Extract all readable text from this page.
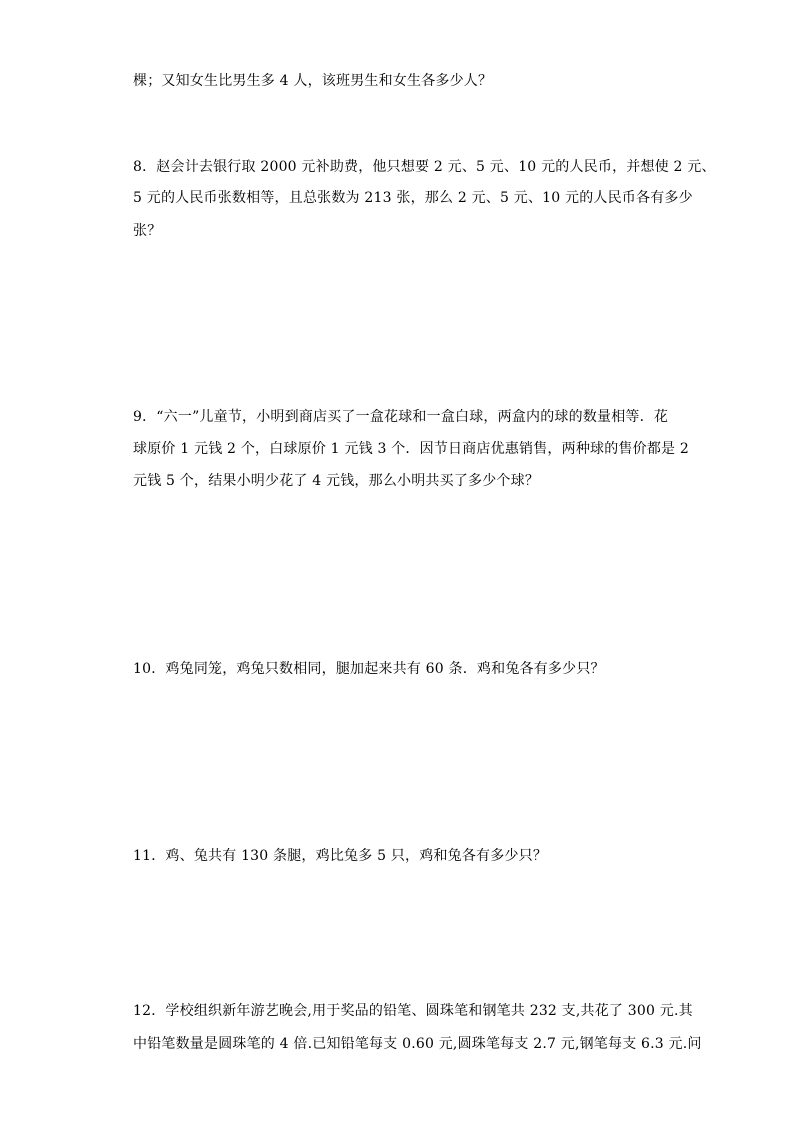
棵；又知女生比男生多 4 人，该班男生和女生各多少人？
8．赵会计去银行取 2000 元补助费，他只想要 2 元、5 元、10 元的人民币，并想使 2 元、
5 元的人民币张数相等，且总张数为 213 张，那么 2 元、5 元、10 元的人民币各有多少
张？
9．“六一”儿童节，小明到商店买了一盒花球和一盒白球，两盒内的球的数量相等．花
球原价 1 元钱 2 个，白球原价 1 元钱 3 个．因节日商店优惠销售，两种球的售价都是 2
元钱 5 个，结果小明少花了 4 元钱，那么小明共买了多少个球？
10．鸡兔同笼，鸡兔只数相同，腿加起来共有 60 条．鸡和兔各有多少只？
11．鸡、兔共有 130 条腿，鸡比兔多 5 只，鸡和兔各有多少只？
12．学校组织新年游艺晚会,用于奖品的铅笔、圆珠笔和钢笔共 232 支,共花了 300 元.其
中铅笔数量是圆珠笔的 4 倍.已知铅笔每支 0.60 元,圆珠笔每支 2.7 元,钢笔每支 6.3 元.问
